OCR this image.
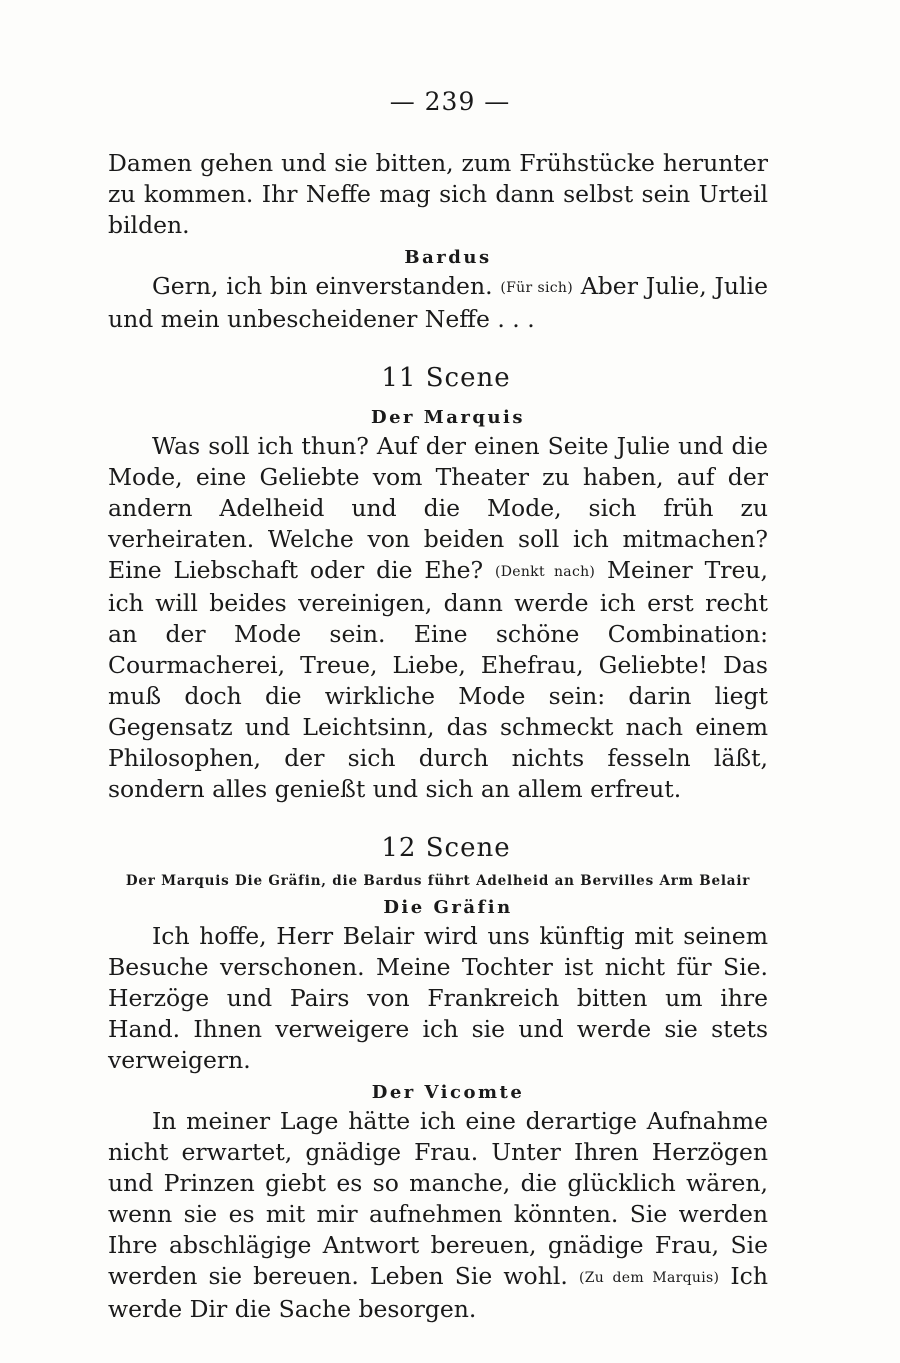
— 239 —

Damen gehen und sie bitten, zum Frühstücke herunter zu kommen. Ihr Neffe mag sich dann selbst sein Urteil bilden.

Bardus

Gern, ich bin einverstanden. (Für sich) Aber Julie, Julie und mein unbescheidener Neffe . . .

11 Scene
Der Marquis

Was soll ich thun? Auf der einen Seite Julie und die Mode, eine Geliebte vom Theater zu haben, auf der andern Adelheid und die Mode, sich früh zu verheiraten. Welche von beiden soll ich mitmachen? Eine Liebschaft oder die Ehe? (Denkt nach) Meiner Treu, ich will beides vereinigen, dann werde ich erst recht an der Mode sein. Eine schöne Combination: Courmacherei, Treue, Liebe, Ehefrau, Geliebte! Das muß doch die wirkliche Mode sein: darin liegt Gegensatz und Leichtsinn, das schmeckt nach einem Philosophen, der sich durch nichts fesseln läßt, sondern alles genießt und sich an allem erfreut.

12 Scene
Der Marquis Die Gräfin, die Bardus führt Adelheid an Bervilles Arm Belair
Die Gräfin

Ich hoffe, Herr Belair wird uns künftig mit seinem Besuche verschonen. Meine Tochter ist nicht für Sie. Herzöge und Pairs von Frankreich bitten um ihre Hand. Ihnen verweigere ich sie und werde sie stets verweigern.

Der Vicomte

In meiner Lage hätte ich eine derartige Aufnahme nicht erwartet, gnädige Frau. Unter Ihren Herzögen und Prinzen giebt es so manche, die glücklich wären, wenn sie es mit mir aufnehmen könnten. Sie werden Ihre abschlägige Antwort bereuen, gnädige Frau, Sie werden sie bereuen. Leben Sie wohl. (Zu dem Marquis) Ich werde Dir die Sache besorgen.
